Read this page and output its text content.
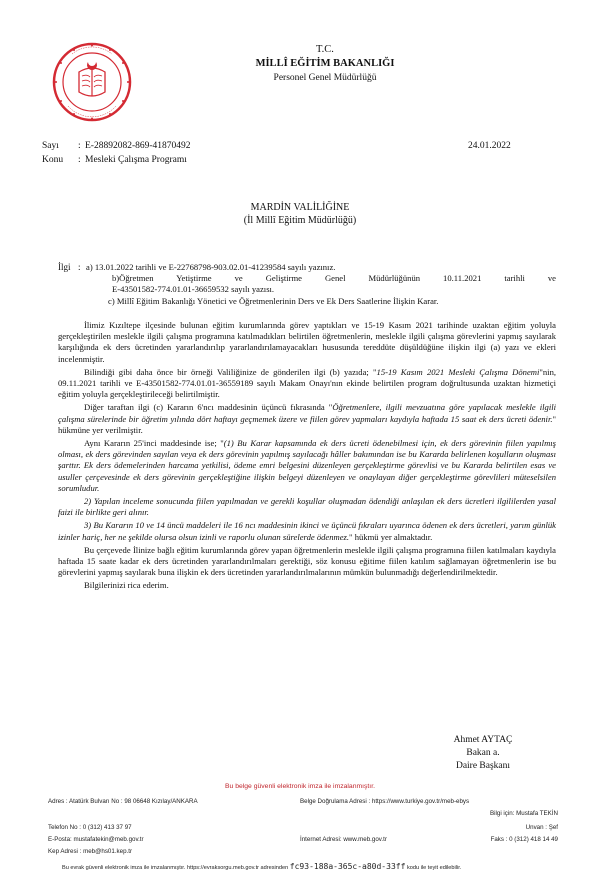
T.C.
MİLLÎ EĞİTİM BAKANLIĞI
Personel Genel Müdürlüğü
Sayı : E-28892082-869-41870492	24.01.2022
Konu : Mesleki Çalışma Programı
MARDİN VALİLİĞİNE
(İl Millî Eğitim Müdürlüğü)
İlgi : a) 13.01.2022 tarihli ve E-22768798-903.02.01-41239584 sayılı yazınız.
b)Öğretmen Yetiştirme ve Geliştirme Genel Müdürlüğünün 10.11.2021 tarihli ve
E-43501582-774.01.01-36659532 sayılı yazısı.
c) Millî Eğitim Bakanlığı Yönetici ve Öğretmenlerinin Ders ve Ek Ders Saatlerine İlişkin Karar.

İlimiz Kızıltepe ilçesinde bulunan eğitim kurumlarında görev yaptıkları ve 15-19 Kasım 2021 tarihinde uzaktan eğitim yoluyla gerçekleştirilen meslekle ilgili çalışma programına katılmadıkları belirtilen öğretmenlerin, meslekle ilgili çalışma görevlerini yapmış sayılarak karşılığında ek ders ücretinden yararlandırılıp yararlandırılamayacakları hususunda tereddüte düşüldüğüne ilişkin ilgi (a) yazı ve ekleri incelenmiştir.

Bilindiği gibi daha önce bir örneği Valiliğinize de gönderilen ilgi (b) yazıda; "15-19 Kasım 2021 Mesleki Çalışma Dönemi"nin, 09.11.2021 tarihli ve E-43501582-774.01.01-36559189 sayılı Makam Onayı'nın ekinde belirtilen program doğrultusunda uzaktan hizmetiçi eğitim yoluyla gerçekleştirileceği belirtilmiştir.

Diğer taraftan ilgi (c) Kararın 6'ncı maddesinin üçüncü fıkrasında "Öğretmenlere, ilgili mevzuatına göre yapılacak meslekle ilgili çalışma sürelerinde bir öğretim yılında dört haftayı geçmemek üzere ve fiilen görev yapmaları kaydıyla haftada 15 saat ek ders ücreti ödenir." hükmüne yer verilmiştir.

Aynı Kararın 25'inci maddesinde ise; "(1) Bu Karar kapsamında ek ders ücreti ödenebilmesi için, ek ders görevinin fiilen yapılmış olması, ek ders görevinden sayılan veya ek ders görevinin yapılmış sayılacağı hâller bakımından ise bu Kararda belirlenen koşulların oluşması şarttır. Ek ders ödemelerinden harcama yetkilisi, ödeme emri belgesini düzenleyen gerçekleştirme görevlisi ve bu Kararda belirtilen esas ve usuller çerçevesinde ek ders görevinin gerçekleştiğine ilişkin belgeyi düzenleyen ve onaylayan diğer gerçekleştirme görevlileri müteselsilen sorumludur.

2) Yapılan inceleme sonucunda fiilen yapılmadan ve gerekli koşullar oluşmadan ödendiği anlaşılan ek ders ücretleri ilgililerden yasal faizi ile birlikte geri alınır.

3) Bu Kararın 10 ve 14 üncü maddeleri ile 16 ncı maddesinin ikinci ve üçüncü fıkraları uyarınca ödenen ek ders ücretleri, yarım günlük izinler hariç, her ne şekilde olursa olsun izinli ve raporlu olunan sürelerde ödenmez." hükmü yer almaktadır.

Bu çerçevede İlinize bağlı eğitim kurumlarında görev yapan öğretmenlerin meslekle ilgili çalışma programına fiilen katılmaları kaydıyla haftada 15 saate kadar ek ders ücretinden yararlandırılmaları gerektiği, söz konusu eğitime fiilen katılım sağlamayan öğretmenlerin ise bu görevlerini yapmış sayılarak buna ilişkin ek ders ücretinden yararlandırılmalarının mümkün bulunmadığı değerlendirilmektedir.

Bilgilerinizi rica ederim.

Ahmet AYTAÇ
Bakan a.
Daire Başkanı
Bu belge güvenli elektronik imza ile imzalanmıştır.
Adres : Atatürk Bulvarı No : 98 06648 Kızılay/ANKARA	Belge Doğrulama Adresi : https://www.turkiye.gov.tr/meb-ebys
Bilgi için: Mustafa TEKİN
Telefon No : 0 (312) 413 37 97	Unvan : Şef
E-Posta: mustafatekin@meb.gov.tr	İnternet Adresi: www.meb.gov.tr	Faks : 0 (312) 418 14 49
Kep Adresi : meb@hs01.kep.tr
Bu evrak güvenli elektronik imza ile imzalanmıştır. https://evraksorgu.meb.gov.tr adresinden fc93-188a-365c-a80d-33ff kodu ile teyit edilebilir.
